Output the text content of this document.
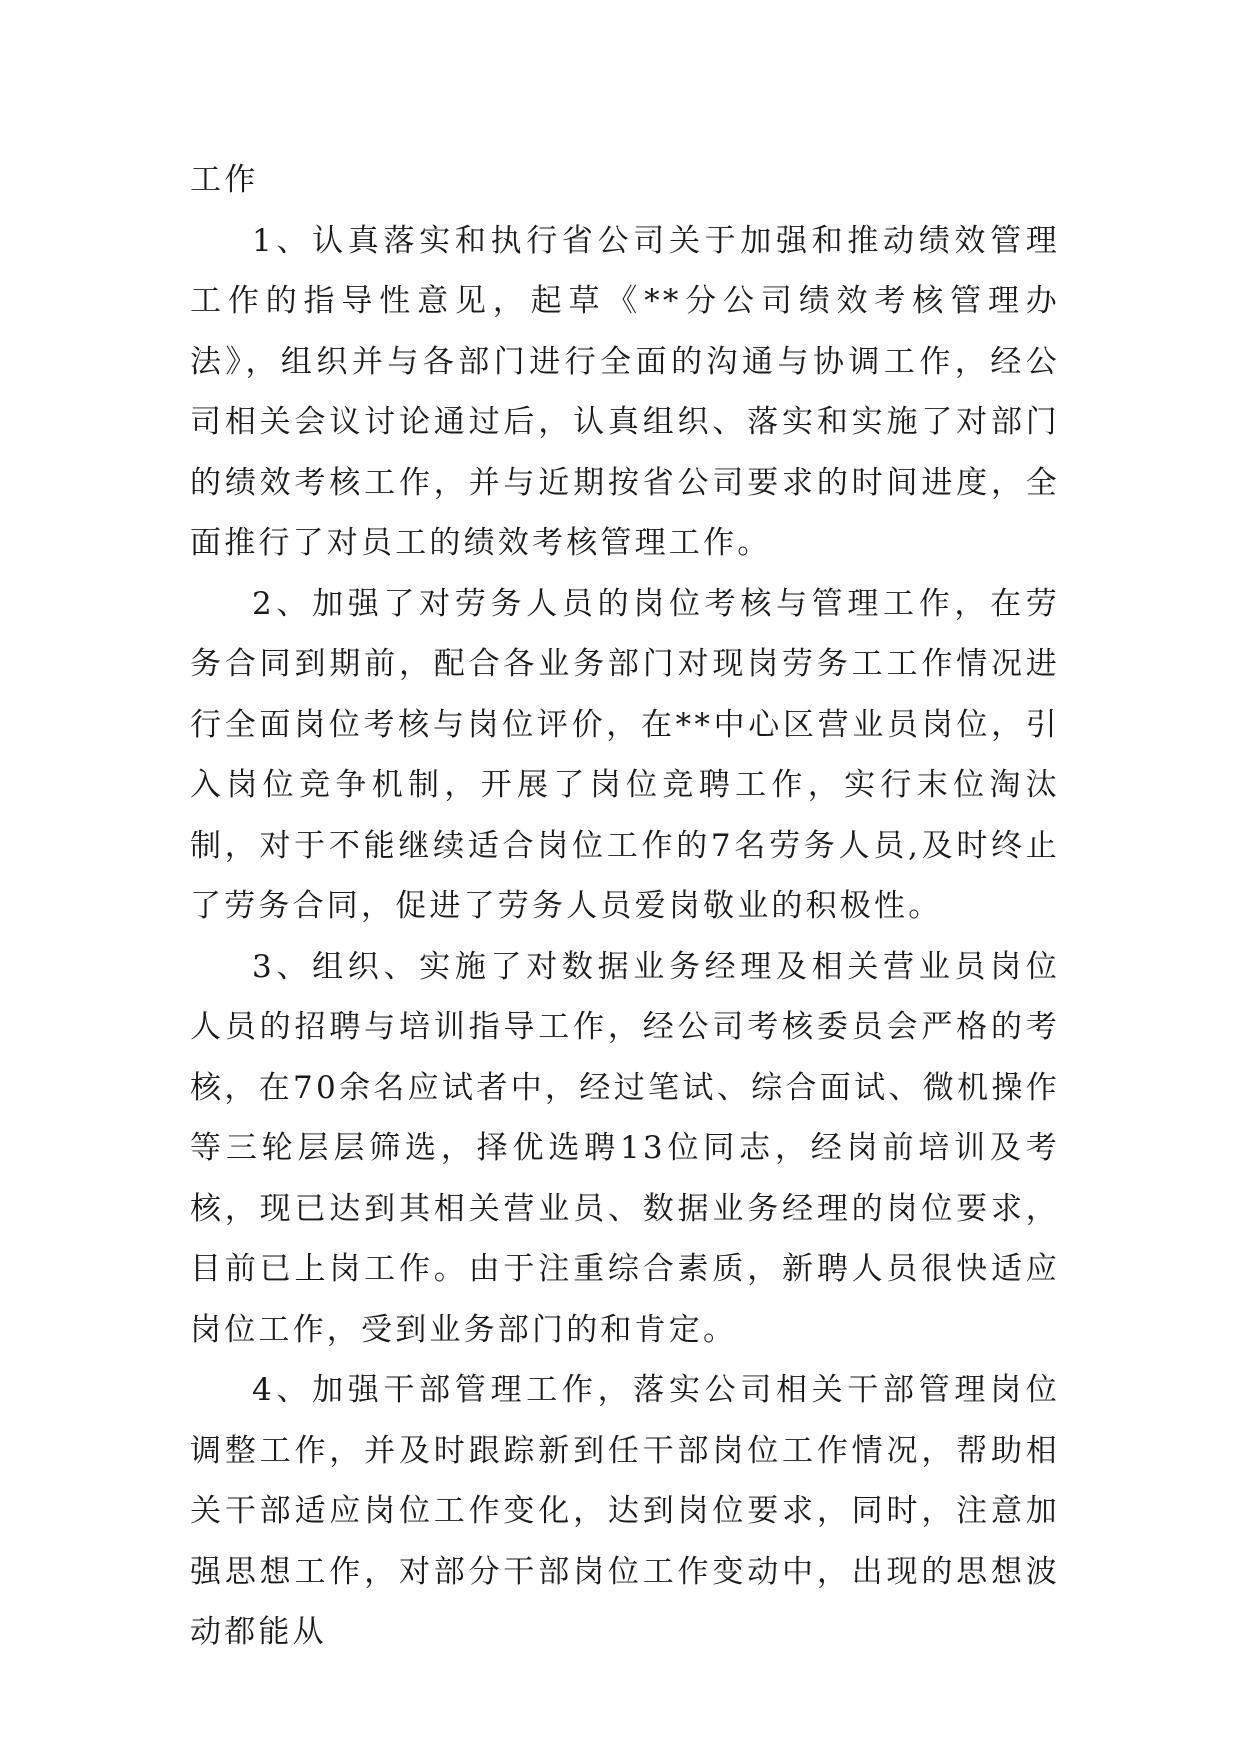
工作

1、认真落实和执行省公司关于加强和推动绩效管理工作的指导性意见，起草《**分公司绩效考核管理办法》，组织并与各部门进行全面的沟通与协调工作，经公司相关会议讨论通过后，认真组织、落实和实施了对部门的绩效考核工作，并与近期按省公司要求的时间进度，全面推行了对员工的绩效考核管理工作。

2、加强了对劳务人员的岗位考核与管理工作，在劳务合同到期前，配合各业务部门对现岗劳务工工作情况进行全面岗位考核与岗位评价，在**中心区营业员岗位，引入岗位竞争机制，开展了岗位竞聘工作，实行末位淘汰制，对于不能继续适合岗位工作的7名劳务人员,及时终止了劳务合同，促进了劳务人员爱岗敬业的积极性。

3、组织、实施了对数据业务经理及相关营业员岗位人员的招聘与培训指导工作，经公司考核委员会严格的考核，在70余名应试者中，经过笔试、综合面试、微机操作等三轮层层筛选，择优选聘13位同志，经岗前培训及考核，现已达到其相关营业员、数据业务经理的岗位要求，目前已上岗工作。由于注重综合素质，新聘人员很快适应岗位工作，受到业务部门的和肯定。

4、加强干部管理工作，落实公司相关干部管理岗位调整工作，并及时跟踪新到任干部岗位工作情况，帮助相关干部适应岗位工作变化，达到岗位要求，同时，注意加强思想工作，对部分干部岗位工作变动中，出现的思想波动都能从
